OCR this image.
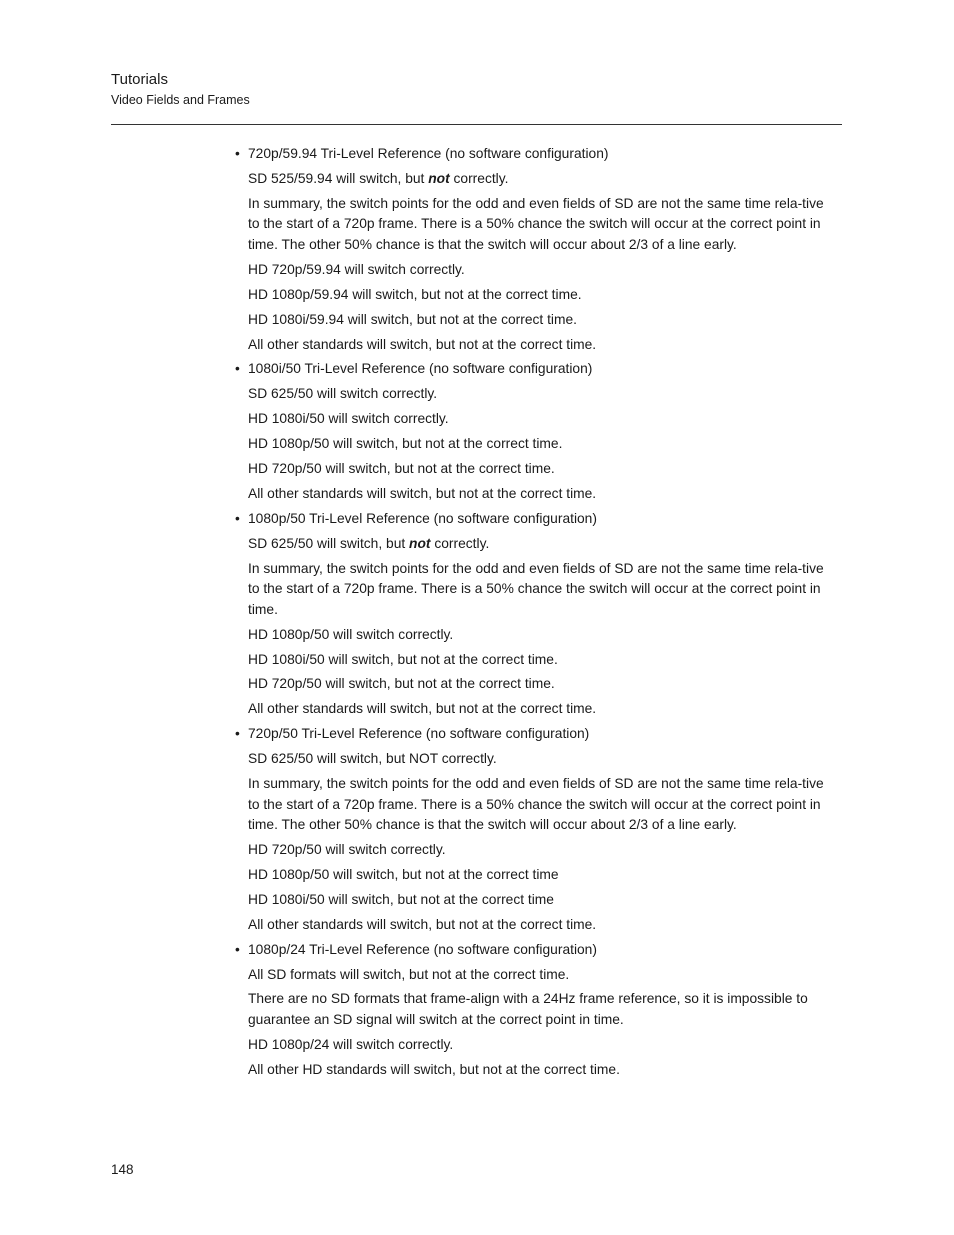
Tutorials
Video Fields and Frames
• 720p/59.94 Tri-Level Reference (no software configuration)
SD 525/59.94 will switch, but not correctly.
In summary, the switch points for the odd and even fields of SD are not the same time rela-tive to the start of a 720p frame. There is a 50% chance the switch will occur at the correct point in time. The other 50% chance is that the switch will occur about 2/3 of a line early.
HD 720p/59.94 will switch correctly.
HD 1080p/59.94 will switch, but not at the correct time.
HD 1080i/59.94 will switch, but not at the correct time.
All other standards will switch, but not at the correct time.
• 1080i/50 Tri-Level Reference (no software configuration)
SD 625/50 will switch correctly.
HD 1080i/50 will switch correctly.
HD 1080p/50 will switch, but not at the correct time.
HD 720p/50 will switch, but not at the correct time.
All other standards will switch, but not at the correct time.
• 1080p/50 Tri-Level Reference (no software configuration)
SD 625/50 will switch, but not correctly.
In summary, the switch points for the odd and even fields of SD are not the same time rela-tive to the start of a 720p frame. There is a 50% chance the switch will occur at the correct point in time.
HD 1080p/50 will switch correctly.
HD 1080i/50 will switch, but not at the correct time.
HD 720p/50 will switch, but not at the correct time.
All other standards will switch, but not at the correct time.
• 720p/50 Tri-Level Reference (no software configuration)
SD 625/50 will switch, but NOT correctly.
In summary, the switch points for the odd and even fields of SD are not the same time rela-tive to the start of a 720p frame. There is a 50% chance the switch will occur at the correct point in time. The other 50% chance is that the switch will occur about 2/3 of a line early.
HD 720p/50 will switch correctly.
HD 1080p/50 will switch, but not at the correct time
HD 1080i/50 will switch, but not at the correct time
All other standards will switch, but not at the correct time.
• 1080p/24 Tri-Level Reference (no software configuration)
All SD formats will switch, but not at the correct time.
There are no SD formats that frame-align with a 24Hz frame reference, so it is impossible to guarantee an SD signal will switch at the correct point in time.
HD 1080p/24 will switch correctly.
All other HD standards will switch, but not at the correct time.
148
